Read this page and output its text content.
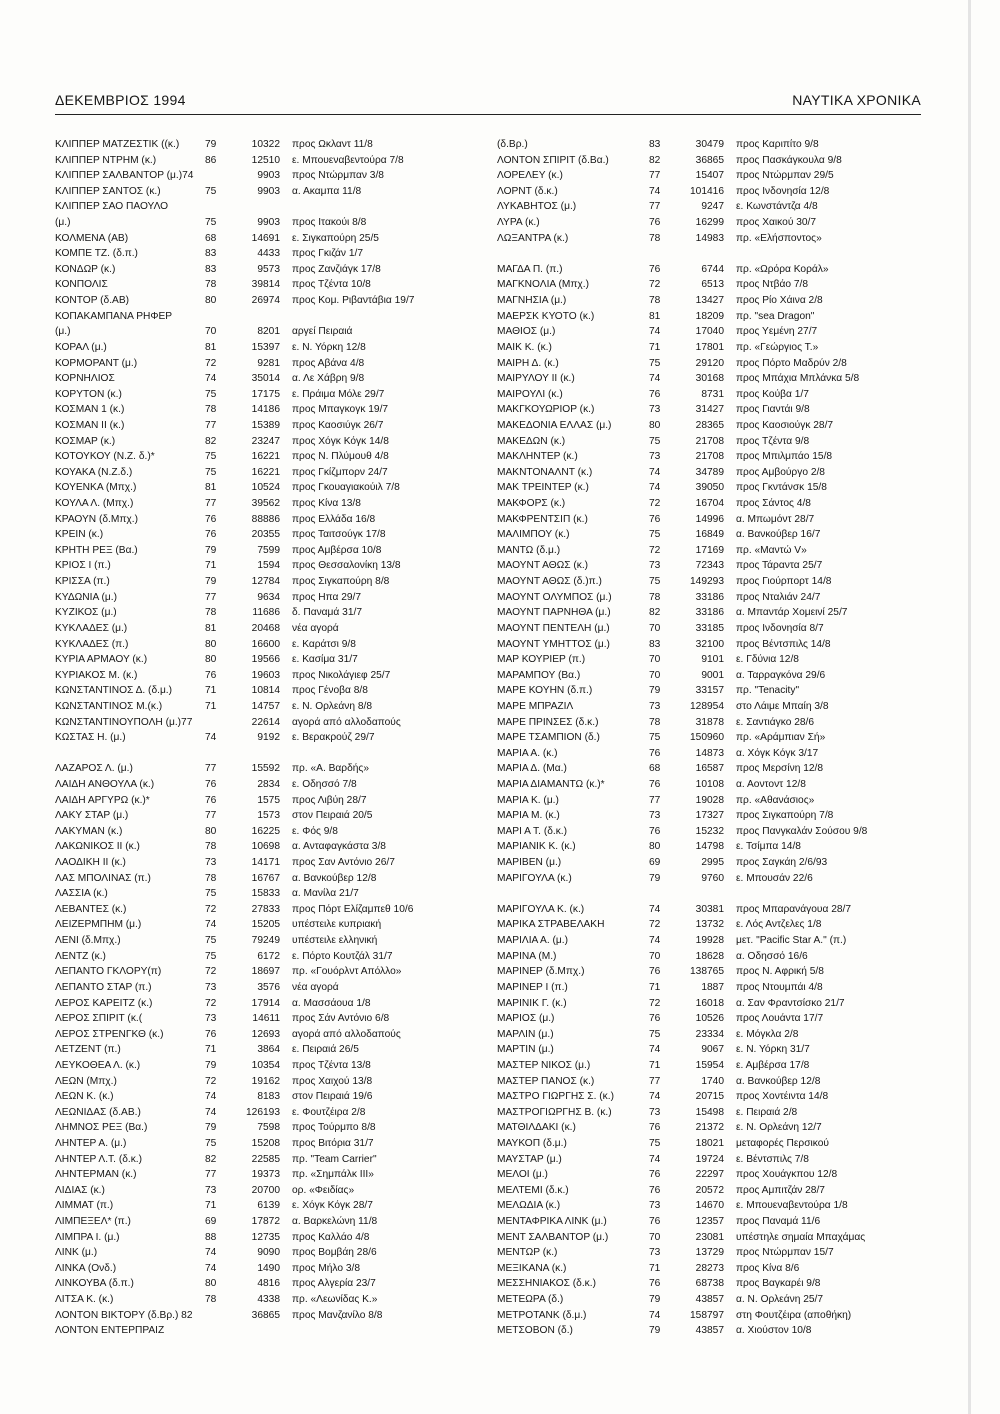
ΔΕΚΕΜΒΡΙΟΣ 1994	ΝΑΥΤΙΚΑ ΧΡΟΝΙΚΑ
ΚΛΙΠΠΕΡ ΜΑΤΖΕΣΤΙΚ ((κ.)	79	10322 προς Ωκλαντ 11/8
ΚΛΙΠΠΕΡ ΝΤΡΗΜ (κ.)	86	12510 ε. Μπουεναβεντούρα 7/8
ΚΛΙΠΠΕΡ ΣΑΛΒΑΝΤΟΡ (μ.)74	9903 προς Ντώρμπαν 3/8
ΚΛΙΠΠΕΡ ΣΑΝΤΟΣ (κ.)	75	9903 α. Ακαμπα 11/8
ΚΛΙΠΠΕΡ ΣΑΟ ΠΑΟΥΛΟ
(μ.)	75	9903 προς Ιτακούι 8/8
ΚΟΛΜΕΝΑ (ΑΒ)	68	14691 ε. Σιγκαπούρη 25/5
ΚΟΜΠΕ ΤΖ. (δ.π.)	83	4433 προς Γκιζάν 1/7
ΚΟΝΔΩΡ (κ.)	83	9573 προς Ζανζιάγκ 17/8
ΚΟΝΠΟΛΙΣ	78	39814 προς Τζέντα 10/8
ΚΟΝΤΟΡ (δ.ΑΒ)	80	26974 προς Κομ. Ριβαντάβια 19/7
ΚΟΠΑΚΑΜΠΑΝΑ ΡΗΦΕΡ
(μ.)	70	8201 αργεί Πειραιά
ΚΟΡΑΛ (μ.)	81	15397 ε. Ν. Υόρκη 12/8
ΚΟΡΜΟΡΑΝΤ (μ.)	72	9281 προς Αβάνα 4/8
ΚΟΡΝΗΛΙΟΣ	74	35014 α. Λε Χάβρη 9/8
ΚΟΡΥΤΟΝ (κ.)	75	17175 ε. Πράιμα Μόλε 29/7
ΚΟΣΜΑΝ 1 (κ.)	78	14186 προς Μπαγκογκ 19/7
ΚΟΣΜΑΝ ΙΙ (κ.)	77	15389 προς Καοσιύγκ 26/7
ΚΟΣΜΑΡ (κ.)	82	23247 προς Χόγκ Κόγκ 14/8
ΚΟΤΟΥΚΟΥ (Ν.Ζ. δ.)*	75	16221 προς Ν. Πλύμουθ 4/8
ΚΟΥΑΚΑ (Ν.Ζ.δ.)	75	16221 προς Γκίζμπορν 24/7
ΚΟΥΕΝΚΑ (Μπχ.)	81	10524 προς Γκουαγιακούιλ 7/8
ΚΟΥΛΑ Λ. (Μπχ.)	77	39562 προς Κίνα 13/8
ΚΡΑΟΥΝ (δ.Μπχ.)	76	88886 προς Ελλάδα 16/8
ΚΡΕΙΝ (κ.)	76	20355 προς Ταιτσούγκ 17/8
ΚΡΗΤΗ ΡΕΞ (Βα.)	79	7599 προς Αμβέρσα 10/8
ΚΡΙΟΣ Ι (π.)	71	1594 προς Θεσσαλονίκη 13/8
ΚΡΙΣΣΑ (π.)	79	12784 προς Σιγκαπούρη 8/8
ΚΥΔΩΝΙΑ (μ.)	77	9634 προς Ηπα 29/7
ΚΥΖΙΚΟΣ (μ.)	78	11686 δ. Παναμά 31/7
ΚΥΚΛΑΔΕΣ (μ.)	81	20468 νέα αγορά
ΚΥΚΛΑΔΕΣ (π.)	80	16600 ε. Καράτσι 9/8
ΚΥΡΙΑ ΑΡΜΑΟΥ (κ.)	80	19566 ε. Κασίμα 31/7
ΚΥΡΙΑΚΟΣ Μ. (κ.)	76	19603 προς Νικολάγιεφ 25/7
ΚΩΝΣΤΑΝΤΙΝΟΣ Δ. (δ.μ.)	71	10814 προς Γένοβα 8/8
ΚΩΝΣΤΑΝΤΙΝΟΣ Μ.(κ.)	71	14757 ε. Ν. Ορλεάνη 8/8
ΚΩΝΣΤΑΝΤΙΝΟΥΠΟΛΗ (μ.)77	22614 αγορά από αλλοδαπούς
ΚΩΣΤΑΣ Η. (μ.)	74	9192 ε. Βερακρούζ 29/7
ΛΑΖΑΡΟΣ Λ. (μ.)	77	15592 πρ. «Α. Βαρδής»
ΛΑΙΔΗ ΑΝΘΟΥΛΑ (κ.)	76	2834 ε. Οδησσό 7/8
ΛΑΙΔΗ ΑΡΓΥΡΩ (κ.)*	76	1575 προς Λιβύη 28/7
ΛΑΚΥ ΣΤΑΡ (μ.)	77	1573 στον Πειραιά 20/5
ΛΑΚΥΜΑΝ (κ.)	80	16225 ε. Φός 9/8
ΛΑΚΩΝΙΚΟΣ ΙΙ (κ.)	78	10698 α. Ανταφαγκάστα 3/8
ΛΑΟΔΙΚΗ ΙΙ (κ.)	73	14171 προς Σαν Αντόνιο 26/7
ΛΑΣ ΜΠΟΛΙΝΑΣ (π.)	78	16767 α. Βανκούβερ 12/8
ΛΑΣΣΙΑ (κ.)	75	15833 α. Μανίλα 21/7
ΛΕΒΑΝΤΕΣ (κ.)	72	27833 προς Πόρτ Ελίζαμπεθ 10/6
ΛΕΙΖΕΡΜΠΗΜ (μ.)	74	15205 υπέστειλε κυπριακή
ΛΕΝΙ (δ.Μπχ.)	75	79249 υπέστειλε ελληνική
ΛΕΝΤΖ (κ.)	75	6172 ε. Πόρτο Κουτζάλ 31/7
ΛΕΠΑΝΤΟ ΓΚΛΟΡΥ(π)	72	18697 πρ. «Γουόρλντ Απόλλο»
ΛΕΠΑΝΤΟ ΣΤΑΡ (π.)	73	3576 νέα αγορά
ΛΕΡΟΣ ΚΑΡΕΙΤΖ (κ.)	72	17914 α. Μασσάουα 1/8
ΛΕΡΟΣ ΣΠΙΡΙΤ (κ.(	73	14611 προς Σάν Αντόνιο 6/8
ΛΕΡΟΣ ΣΤΡΕΝΓΚΘ (κ.)	76	12693 αγορά από αλλοδαπούς
ΛΕΤΖΕΝΤ (π.)	71	3864 ε. Πειραιά 26/5
ΛΕΥΚΟΘΕΑ Λ. (κ.)	79	10354 προς Τζέντα 13/8
ΛΕΩΝ (Μπχ.)	72	19162 προς Χαιχού 13/8
ΛΕΩΝ Κ. (κ.)	74	8183 στον Πειραιά 19/6
ΛΕΩΝΙΔΑΣ (δ.ΑΒ.)	74	126193 ε. Φουτζέιρα 2/8
ΛΗΜΝΟΣ ΡΕΞ (Βα.)	79	7598 προς Τούρμπο 8/8
ΛΗΝΤΕΡ Α. (μ.)	75	15208 προς Βιτόρια 31/7
ΛΗΝΤΕΡ Λ.Τ. (δ.κ.)	82	22585 πρ. "Team Carrier"
ΛΗΝΤΕΡΜΑΝ (κ.)	77	19373 πρ. «Σημπάλκ ΙΙΙ»
ΛΙΔΙΑΣ (κ.)	73	20700 ορ. «Φειδίας»
ΛΙΜΜΑΤ (π.)	71	6139 ε. Χόγκ Κόγκ 28/7
ΛΙΜΠΕΞΕΛ* (π.)	69	17872 α. Βαρκελώνη 11/8
ΛΙΜΠΡΑ Ι. (μ.)	88	12735 προς Καλλάο 4/8
ΛΙΝΚ (μ.)	74	9090 προς Βομβάη 28/6
ΛΙΝΚΑ (Ονδ.)	74	1490 προς Μήλο 3/8
ΛΙΝΚΟΥΒΑ (δ.π.)	80	4816 προς Αλγερία 23/7
ΛΙΤΣΑ Κ. (κ.)	78	4338 πρ. «Λεωνίδας Κ.»
ΛΟΝΤΟΝ ΒΙΚΤΟΡΥ (δ.Βρ.) 82	36865 προς Μανζανίλο 8/8
ΛΟΝΤΟΝ ΕΝΤΕΡΠΡΑΙΖ
(δ.Βρ.)	83	30479 προς Καριπίτο 9/8
ΛΟΝΤΟΝ ΣΠΙΡΙΤ (δ.Βα.)	82	36865 προς Πασκάγκουλα 9/8
ΛΟΡΕΛΕΥ (κ.)	77	15407 προς Ντώρμπαν 29/5
ΛΟΡΝΤ (δ.κ.)	74	101416 προς Ινδονησία 12/8
ΛΥΚΑΒΗΤΟΣ (μ.)	77	9247 ε. Κωνστάντζα 4/8
ΛΥΡΑ (κ.)	76	16299 προς Χαικού 30/7
ΛΩΞΑΝΤΡΑ (κ.)	78	14983 πρ. «Ελήσποντος»
ΜΑΓΔΑ Π. (π.)	76	6744 πρ. «Ωρόρα Κοράλ»
ΜΑΓΚΝΟΛΙΑ (Μπχ.)	72	6513 προς Ντβάο 7/8
ΜΑΓΝΗΣΙΑ (μ.)	78	13427 προς Ρίο Χάινα 2/8
ΜΑΕΡΣΚ ΚΥΟΤΟ (κ.)	81	18209 πρ. "sea Dragon"
ΜΑΘΙΟΣ (μ.)	74	17040 προς Υεμένη 27/7
ΜΑΙΚ Κ. (κ.)	71	17801 πρ. «Γεώργιος Τ.»
ΜΑΙΡΗ Δ. (κ.)	75	29120 προς Πόρτο Μαδρύν 2/8
ΜΑΙΡΥΛΟΥ ΙΙ (κ.)	74	30168 προς Μπάχια Μπλάνκα 5/8
ΜΑΙΡΟΥΛΙ (κ.)	76	8731 προς Κούβα 1/7
ΜΑΚΓΚΟΥΩΡΙΟΡ (κ.)	73	31427 προς Γιαντάι 9/8
ΜΑΚΕΔΟΝΙΑ ΕΛΛΑΣ (μ.)	80	28365 προς Καοσιούγκ 28/7
ΜΑΚΕΔΩΝ (κ.)	75	21708 προς Τζέντα 9/8
ΜΑΚΛΗΝΤΕΡ (κ.)	73	21708 προς Μπιλμπάο 15/8
ΜΑΚΝΤΟΝΑΛΝΤ (κ.)	74	34789 προς Αμβούργο 2/8
ΜΑΚ ΤΡΕΙΝΤΕΡ (κ.)	74	39050 προς Γκντάνσκ 15/8
ΜΑΚΦΟΡΣ (κ.)	72	16704 προς Σάντος 4/8
ΜΑΚΦΡΕΝΤΣΙΠ (κ.)	76	14996 α. Μπωμόντ 28/7
ΜΑΛΙΜΠΟΥ (κ.)	75	16849 α. Βανκούβερ 16/7
ΜΑΝΤΩ (δ.μ.)	72	17169 πρ. «Μαντώ V»
ΜΑΟΥΝΤ ΑΘΩΣ (κ.)	73	72343 προς Τάραντα 25/7
ΜΑΟΥΝΤ ΑΘΩΣ (δ.)π.)	75	149293 προς Γιούρπορτ 14/8
ΜΑΟΥΝΤ ΟΛΥΜΠΟΣ (μ.)	78	33186 προς Νταλιάν 24/7
ΜΑΟΥΝΤ ΠΑΡΝΗΘΑ (μ.)	82	33186 α. Μπαντάρ Χομεινί 25/7
ΜΑΟΥΝΤ ΠΕΝΤΕΛΗ (μ.)	70	33185 προς Ινδονησία 8/7
ΜΑΟΥΝΤ ΥΜΗΤΤΟΣ (μ.)	83	32100 προς Βέντσπιλς 14/8
ΜΑΡ ΚΟΥΡΙΕΡ (π.)	70	9101 ε. Γδύνια 12/8
ΜΑΡΑΜΠΟΥ (Βα.)	70	9001 α. Ταρραγκόνα 29/6
ΜΑΡΕ ΚΟΥΗΝ (δ.π.)	79	33157 πρ. "Tenacity"
ΜΑΡΕ ΜΠΡΑΖΙΛ	73	128954 στο Λάιμε Μπαίη 3/8
ΜΑΡΕ ΠΡΙΝΣΕΣ (δ.κ.)	78	31878 ε. Σαντιάγκο 28/6
ΜΑΡΕ ΤΣΑΜΠΙΟΝ (δ.)	75	150960 πρ. «Αράμπιαν Σή»
ΜΑΡΙΑ Α. (κ.)	76	14873 α. Χόγκ Κόγκ 3/17
ΜΑΡΙΑ Δ. (Μα.)	68	16587 προς Μερσίνη 12/8
ΜΑΡΙΑ ΔΙΑΜΑΝΤΩ (κ.)*	76	10108 α. Αοντοντ 12/8
ΜΑΡΙΑ Κ. (μ.)	77	19028 πρ. «Αθανάσιος»
ΜΑΡΙΑ Μ. (κ.)	73	17327 προς Σιγκαπούρη 7/8
ΜΑΡΙ Α Τ. (δ.κ.)	76	15232 προς Πανγκαλάν Σούσου 9/8
ΜΑΡΙΑΝΙΚ Κ. (κ.)	80	14798 ε. Τσίμπα 14/8
ΜΑΡΙΒΕΝ (μ.)	69	2995 προς Σαγκάη 2/6/93
ΜΑΡΙΓΟΥΛΑ (κ.)	79	9760 ε. Μπουσάν 22/6
ΜΑΡΙΓΟΥΛΑ Κ. (κ.)	74	30381 προς Μπαρανάγουα 28/7
ΜΑΡΙΚΑ ΣΤΡΑΒΕΛΑΚΗ	72	13732 ε. Λός Αντζελες 1/8
ΜΑΡΙΛΙΑ Α. (μ.)	74	19928 μετ. "Pacific Star A." (π.)
ΜΑΡΙΝΑ (Μ.)	70	18628 α. Οδησσό 16/6
ΜΑΡΙΝΕΡ (δ.Μπχ.)	76	138765 προς Ν. Αφρική 5/8
ΜΑΡΙΝΕΡ Ι (π.)	71	1887 προς Ντουμπάι 4/8
ΜΑΡΙΝΙΚ Γ. (κ.)	72	16018 α. Σαν Φραντσίσκο 21/7
ΜΑΡΙΟΣ (μ.)	76	10526 προς Λουάντα 17/7
ΜΑΡΛΙΝ (μ.)	75	23334 ε. Μόγκλα 2/8
ΜΑΡΤΙΝ (μ.)	74	9067 ε. Ν. Υόρκη 31/7
ΜΑΣΤΕΡ ΝΙΚΟΣ (μ.)	71	15954 ε. Αμβέρσα 17/8
ΜΑΣΤΕΡ ΠΑΝΟΣ (κ.)	77	1740 α. Βανκούβερ 12/8
ΜΑΣΤΡΟ ΓΙΩΡΓΗΣ Σ. (κ.)	74	20715 προς Χοντέιντα 14/8
ΜΑΣΤΡΟΓΙΩΡΓΗΣ Β. (κ.)	73	15498 ε. Πειραιά 2/8
ΜΑΤΘΙΛΔΑΚΙ (κ.)	76	21372 ε. Ν. Ορλεάνη 12/7
ΜΑΥΚΟΠ (δ.μ.)	75	18021 μεταφορές Περσικού
ΜΑΥΣΤΑΡ (μ.)	74	19724 ε. Βέντσπιλς 7/8
ΜΕΛΟΙ (μ.)	76	22297 προς Χουάγκπου 12/8
ΜΕΛΤΕΜΙ (δ.κ.)	76	20572 προς Αμπιτζάν 28/7
ΜΕΛΩΔΙΑ (κ.)	73	14670 ε. Μπουεναβεντούρα 1/8
ΜΕΝΤΑΦΡΙΚΑ ΛΙΝΚ (μ.)	76	12357 προς Παναμά 11/6
ΜΕΝΤ ΣΑΛΒΑΝΤΟΡ (μ.)	70	23081 υπέστηλε σημαία Μπαχάμας
ΜΕΝΤΩΡ (κ.)	73	13729 προς Ντώρμπαν 15/7
ΜΕΞΙΚΑΝΑ (κ.)	71	28273 προς Κίνα 8/6
ΜΕΣΣΗΝΙΑΚΟΣ (δ.κ.)	76	68738 προς Βαγκαρέι 9/8
ΜΕΤΕΩΡΑ (δ.)	79	43857 α. Ν. Ορλεάνη 25/7
ΜΕΤΡΟΤΑΝΚ (δ.μ.)	74	158797 στη Φουτζέιρα (αποθήκη)
ΜΕΤΣΟΒΟΝ (δ.)	79	43857 α. Χιούστον 10/8
